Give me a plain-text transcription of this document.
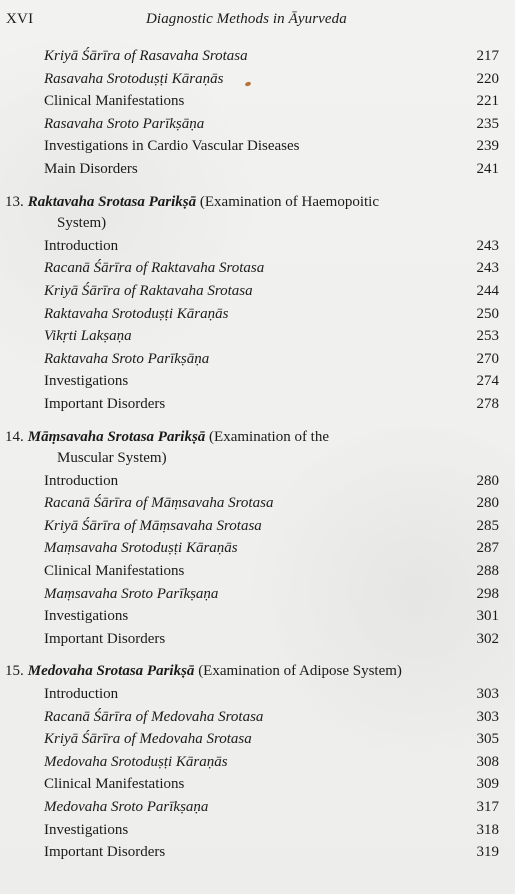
XVI	Diagnostic Methods in Āyurveda
Kriyā Śārīra of Rasavaha Srotasa	217
Rasavaha Srotoduṣṭi Kāraṇās	220
Clinical Manifestations	221
Rasavaha Sroto Parīkṣāṇa	235
Investigations in Cardio Vascular Diseases	239
Main Disorders	241
13. Raktavaha Srotasa Parikṣā (Examination of Haemopoitic
System)
Introduction	243
Racanā Śārīra of Raktavaha Srotasa	243
Kriyā Śārīra of Raktavaha Srotasa	244
Raktavaha Srotoduṣṭi Kāraṇās	250
Vikṛti Lakṣaṇa	253
Raktavaha Sroto Parīkṣāṇa	270
Investigations	274
Important Disorders	278
14. Māṃsavaha Srotasa Parikṣā (Examination of the
Muscular System)
Introduction	280
Racanā Śārīra of Māṃsavaha Srotasa	280
Kriyā Śārīra of Māṃsavaha Srotasa	285
Maṃsavaha Srotoduṣṭi Kāraṇās	287
Clinical Manifestations	288
Maṃsavaha Sroto Parīkṣaṇa	298
Investigations	301
Important Disorders	302
15. Medovaha Srotasa Parikṣā (Examination of Adipose System)
Introduction	303
Racanā Śārīra of Medovaha Srotasa	303
Kriyā Śārīra of Medovaha Srotasa	305
Medovaha Srotoduṣṭi Kāraṇās	308
Clinical Manifestations	309
Medovaha Sroto Parīkṣaṇa	317
Investigations	318
Important Disorders	319
